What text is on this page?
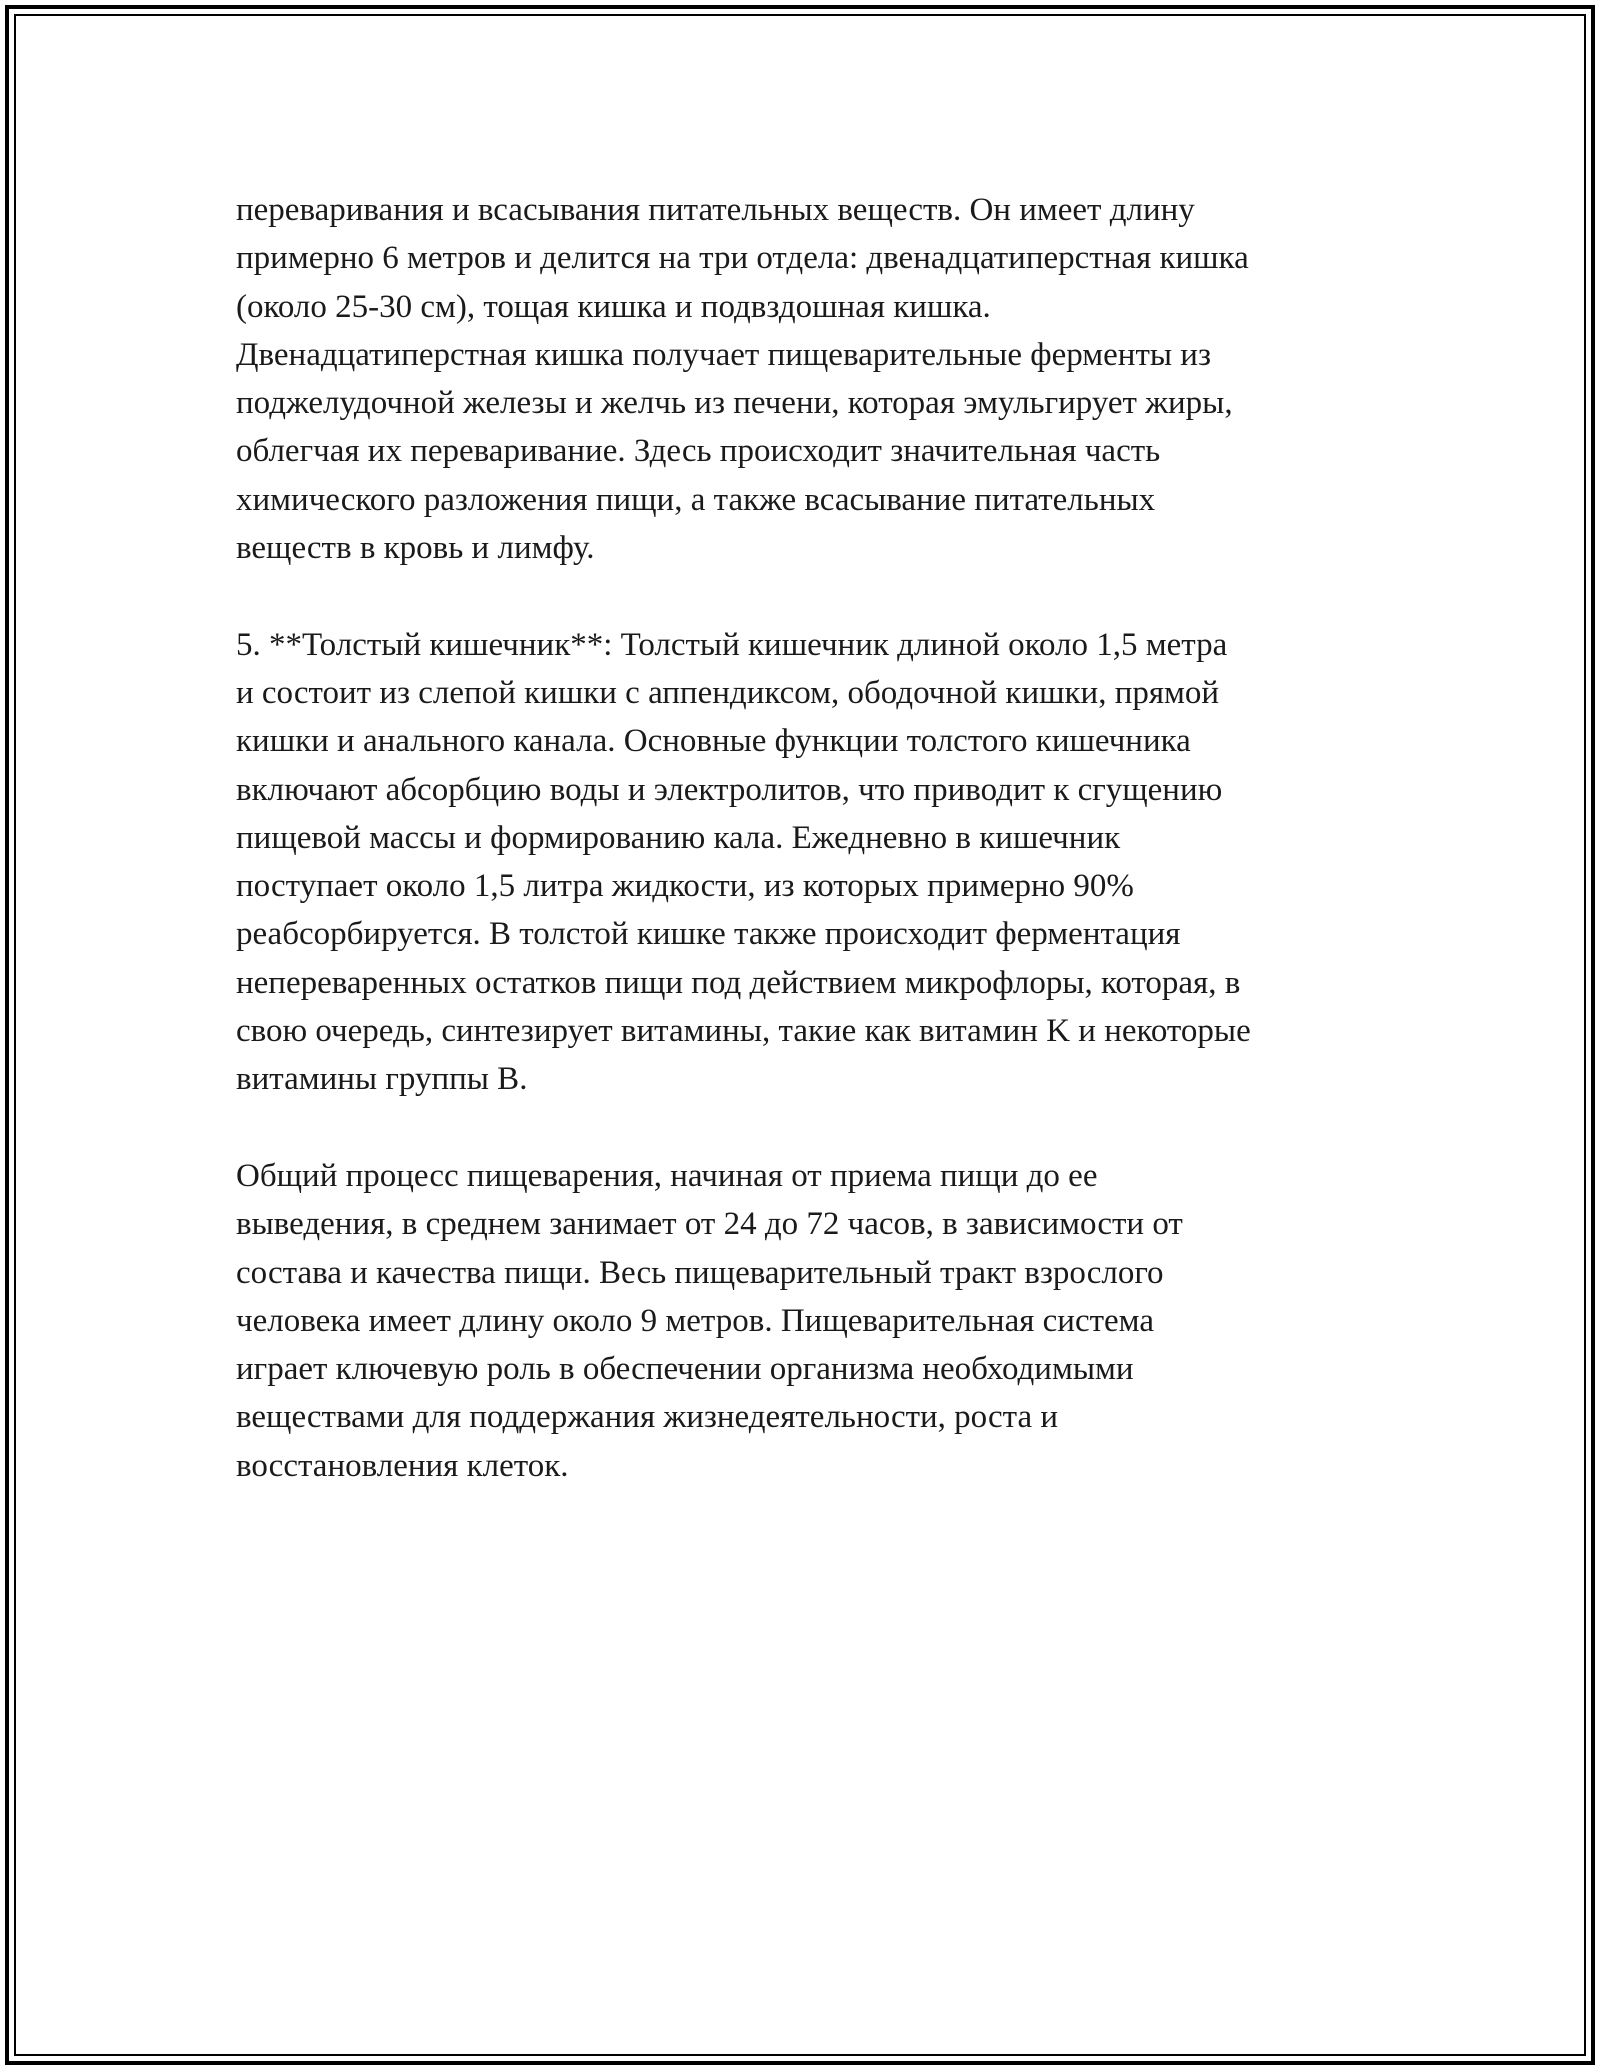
переваривания и всасывания питательных веществ. Он имеет длину
примерно 6 метров и делится на три отдела: двенадцатиперстная кишка
(около 25-30 см), тощая кишка и подвздошная кишка.
Двенадцатиперстная кишка получает пищеварительные ферменты из
поджелудочной железы и желчь из печени, которая эмульгирует жиры,
облегчая их переваривание. Здесь происходит значительная часть
химического разложения пищи, а также всасывание питательных
веществ в кровь и лимфу.

5. **Толстый кишечник**: Толстый кишечник длиной около 1,5 метра
и состоит из слепой кишки с аппендиксом, ободочной кишки, прямой
кишки и анального канала. Основные функции толстого кишечника
включают абсорбцию воды и электролитов, что приводит к сгущению
пищевой массы и формированию кала. Ежедневно в кишечник
поступает около 1,5 литра жидкости, из которых примерно 90%
реабсорбируется. В толстой кишке также происходит ферментация
непереваренных остатков пищи под действием микрофлоры, которая, в
свою очередь, синтезирует витамины, такие как витамин K и некоторые
витамины группы B.

Общий процесс пищеварения, начиная от приема пищи до ее
выведения, в среднем занимает от 24 до 72 часов, в зависимости от
состава и качества пищи. Весь пищеварительный тракт взрослого
человека имеет длину около 9 метров. Пищеварительная система
играет ключевую роль в обеспечении организма необходимыми
веществами для поддержания жизнедеятельности, роста и
восстановления клеток.
